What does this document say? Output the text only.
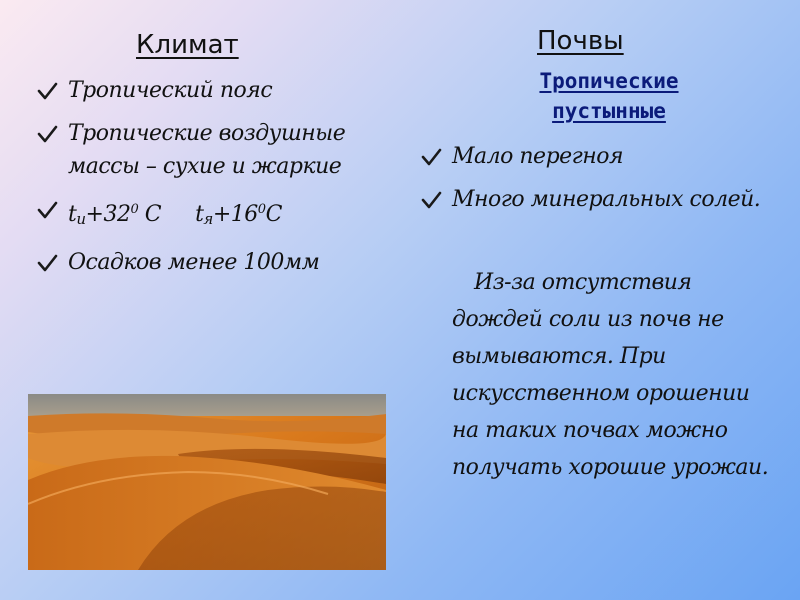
Климат
Тропический пояс
Тропические воздушные массы – сухие и жаркие
$t_и+32^0$ С $t_я+16^0С$
Осадков менее 100мм
Почвы
Тропические пустынные
Мало перегноя
Много минеральных солей.
Из-за отсутствия дождей соли из почв не вымываются. При искусственном орошении на таких почвах можно получать хорошие урожаи.
